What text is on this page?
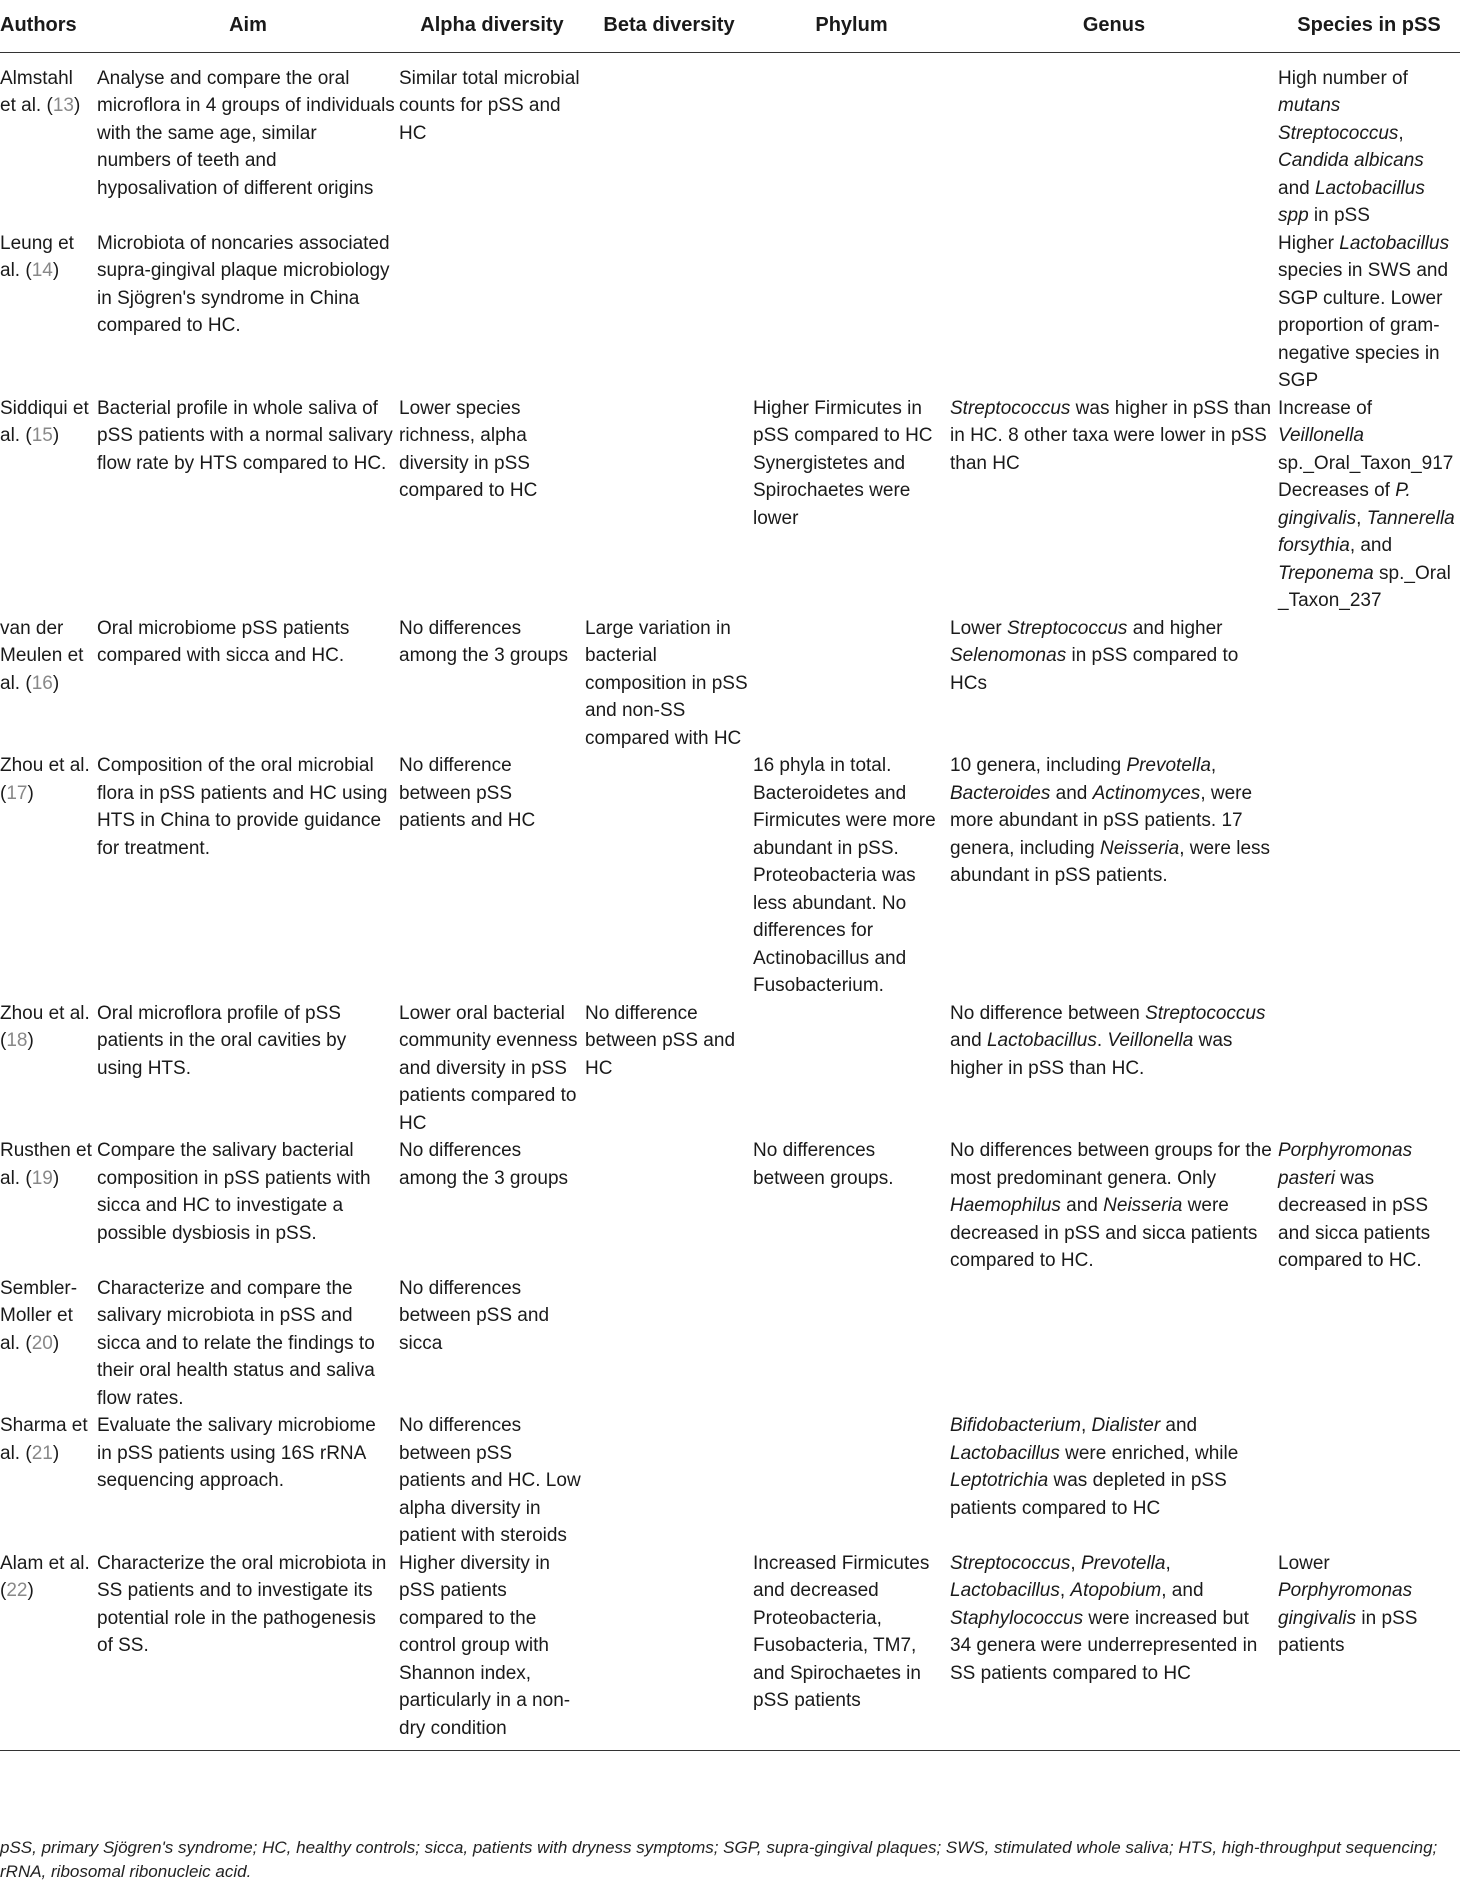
Authors	Aim	Alpha diversity	Beta diversity	Phylum	Genus	Species in pSS
Almstahl et al. (13)	Analyse and compare the oral microflora in 4 groups of individuals with the same age, similar numbers of teeth and hyposalivation of different origins	Similar total microbial counts for pSS and HC				High number of mutans Streptococcus, Candida albicans and Lactobacillus spp in pSS
Leung et al. (14)	Microbiota of noncaries associated supra-gingival plaque microbiology in Sjögren's syndrome in China compared to HC.					Higher Lactobacillus species in SWS and SGP culture. Lower proportion of gram-negative species in SGP
Siddiqui et al. (15)	Bacterial profile in whole saliva of pSS patients with a normal salivary flow rate by HTS compared to HC.	Lower species richness, alpha diversity in pSS compared to HC		Higher Firmicutes in pSS compared to HC Synergistetes and Spirochaetes were lower	Streptococcus was higher in pSS than in HC. 8 other taxa were lower in pSS than HC	Increase of Veillonella sp._Oral_Taxon_917 Decreases of P. gingivalis, Tannerella forsythia, and Treponema sp._Oral _Taxon_237
van der Meulen et al. (16)	Oral microbiome pSS patients compared with sicca and HC.	No differences among the 3 groups	Large variation in bacterial composition in pSS and non-SS compared with HC		Lower Streptococcus and higher Selenomonas in pSS compared to HCs	
Zhou et al. (17)	Composition of the oral microbial flora in pSS patients and HC using HTS in China to provide guidance for treatment.	No difference between pSS patients and HC		16 phyla in total. Bacteroidetes and Firmicutes were more abundant in pSS. Proteobacteria was less abundant. No differences for Actinobacillus and Fusobacterium.	10 genera, including Prevotella, Bacteroides and Actinomyces, were more abundant in pSS patients. 17 genera, including Neisseria, were less abundant in pSS patients.	
Zhou et al. (18)	Oral microflora profile of pSS patients in the oral cavities by using HTS.	Lower oral bacterial community evenness and diversity in pSS patients compared to HC	No difference between pSS and HC		No difference between Streptococcus and Lactobacillus. Veillonella was higher in pSS than HC.	
Rusthen et al. (19)	Compare the salivary bacterial composition in pSS patients with sicca and HC to investigate a possible dysbiosis in pSS.	No differences among the 3 groups		No differences between groups.	No differences between groups for the most predominant genera. Only Haemophilus and Neisseria were decreased in pSS and sicca patients compared to HC.	Porphyromonas pasteri was decreased in pSS and sicca patients compared to HC.
Sembler-Moller et al. (20)	Characterize and compare the salivary microbiota in pSS and sicca and to relate the findings to their oral health status and saliva flow rates.	No differences between pSS and sicca				
Sharma et al. (21)	Evaluate the salivary microbiome in pSS patients using 16S rRNA sequencing approach.	No differences between pSS patients and HC. Low alpha diversity in patient with steroids			Bifidobacterium, Dialister and Lactobacillus were enriched, while Leptotrichia was depleted in pSS patients compared to HC	
Alam et al. (22)	Characterize the oral microbiota in SS patients and to investigate its potential role in the pathogenesis of SS.	Higher diversity in pSS patients compared to the control group with Shannon index, particularly in a non-dry condition		Increased Firmicutes and decreased Proteobacteria, Fusobacteria, TM7, and Spirochaetes in pSS patients	Streptococcus, Prevotella, Lactobacillus, Atopobium, and Staphylococcus were increased but 34 genera were underrepresented in SS patients compared to HC	Lower Porphyromonas gingivalis in pSS patients
pSS, primary Sjögren's syndrome; HC, healthy controls; sicca, patients with dryness symptoms; SGP, supra-gingival plaques; SWS, stimulated whole saliva; HTS, high-throughput sequencing; rRNA, ribosomal ribonucleic acid.
